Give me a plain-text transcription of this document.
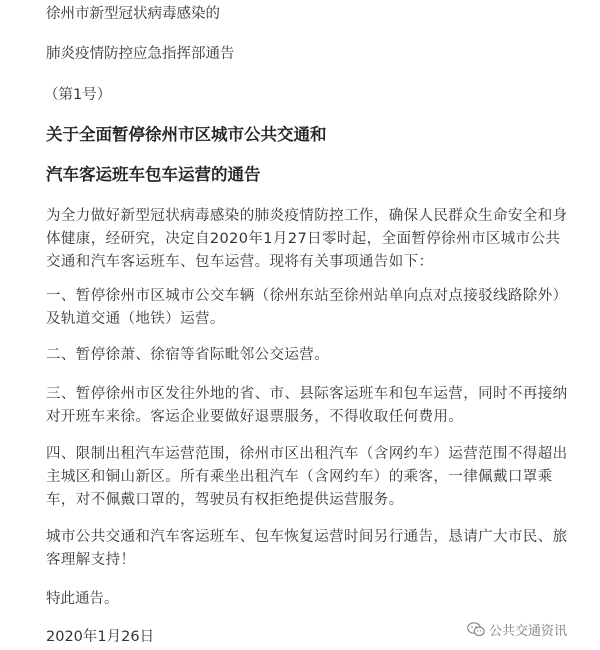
徐州市新型冠状病毒感染的
肺炎疫情防控应急指挥部通告
（第1号）
关于全面暂停徐州市区城市公共交通和
汽车客运班车包车运营的通告
为全力做好新型冠状病毒感染的肺炎疫情防控工作，确保人民群众生命安全和身体健康，经研究，决定自2020年1月27日零时起，全面暂停徐州市区城市公共交通和汽车客运班车、包车运营。现将有关事项通告如下：
一、暂停徐州市区城市公交车辆（徐州东站至徐州站单向点对点接驳线路除外）及轨道交通（地铁）运营。
二、暂停徐萧、徐宿等省际毗邻公交运营。
三、暂停徐州市区发往外地的省、市、县际客运班车和包车运营，同时不再接纳对开班车来徐。客运企业要做好退票服务，不得收取任何费用。
四、限制出租汽车运营范围，徐州市区出租汽车（含网约车）运营范围不得超出主城区和铜山新区。所有乘坐出租汽车（含网约车）的乘客，一律佩戴口罩乘车，对不佩戴口罩的，驾驶员有权拒绝提供运营服务。
城市公共交通和汽车客运班车、包车恢复运营时间另行通告，恳请广大市民、旅客理解支持！
特此通告。
2020年1月26日	公共交通资讯
